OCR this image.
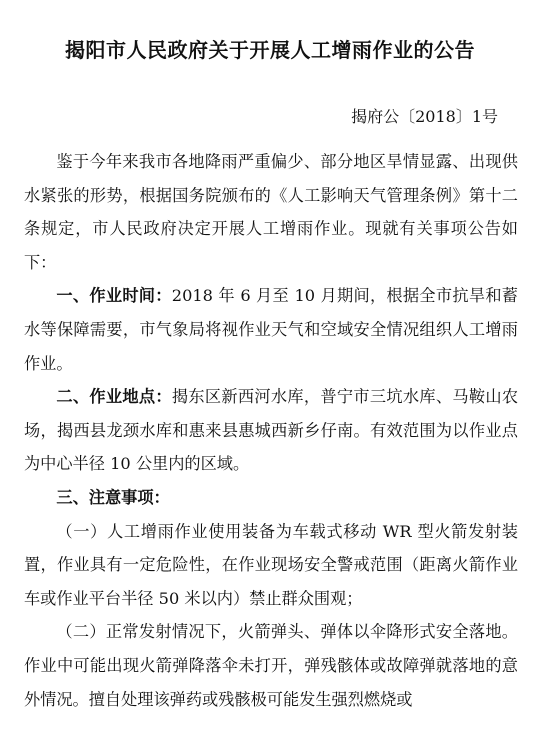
揭阳市人民政府关于开展人工增雨作业的公告
揭府公〔2018〕1号

鉴于今年来我市各地降雨严重偏少、部分地区旱情显露、出现供水紧张的形势，根据国务院颁布的《人工影响天气管理条例》第十二条规定，市人民政府决定开展人工增雨作业。现就有关事项公告如下：

一、作业时间：2018 年 6 月至 10 月期间，根据全市抗旱和蓄水等保障需要，市气象局将视作业天气和空域安全情况组织人工增雨作业。

二、作业地点：揭东区新西河水库，普宁市三坑水库、马鞍山农场，揭西县龙颈水库和惠来县惠城西新乡仔南。有效范围为以作业点为中心半径 10 公里内的区域。

三、注意事项：

（一）人工增雨作业使用装备为车载式移动 WR 型火箭发射装置，作业具有一定危险性，在作业现场安全警戒范围（距离火箭作业车或作业平台半径 50 米以内）禁止群众围观；

（二）正常发射情况下，火箭弹头、弹体以伞降形式安全落地。作业中可能出现火箭弹降落伞未打开，弹残骸体或故障弹就落地的意外情况。擅自处理该弹药或残骸极可能发生强烈燃烧或
